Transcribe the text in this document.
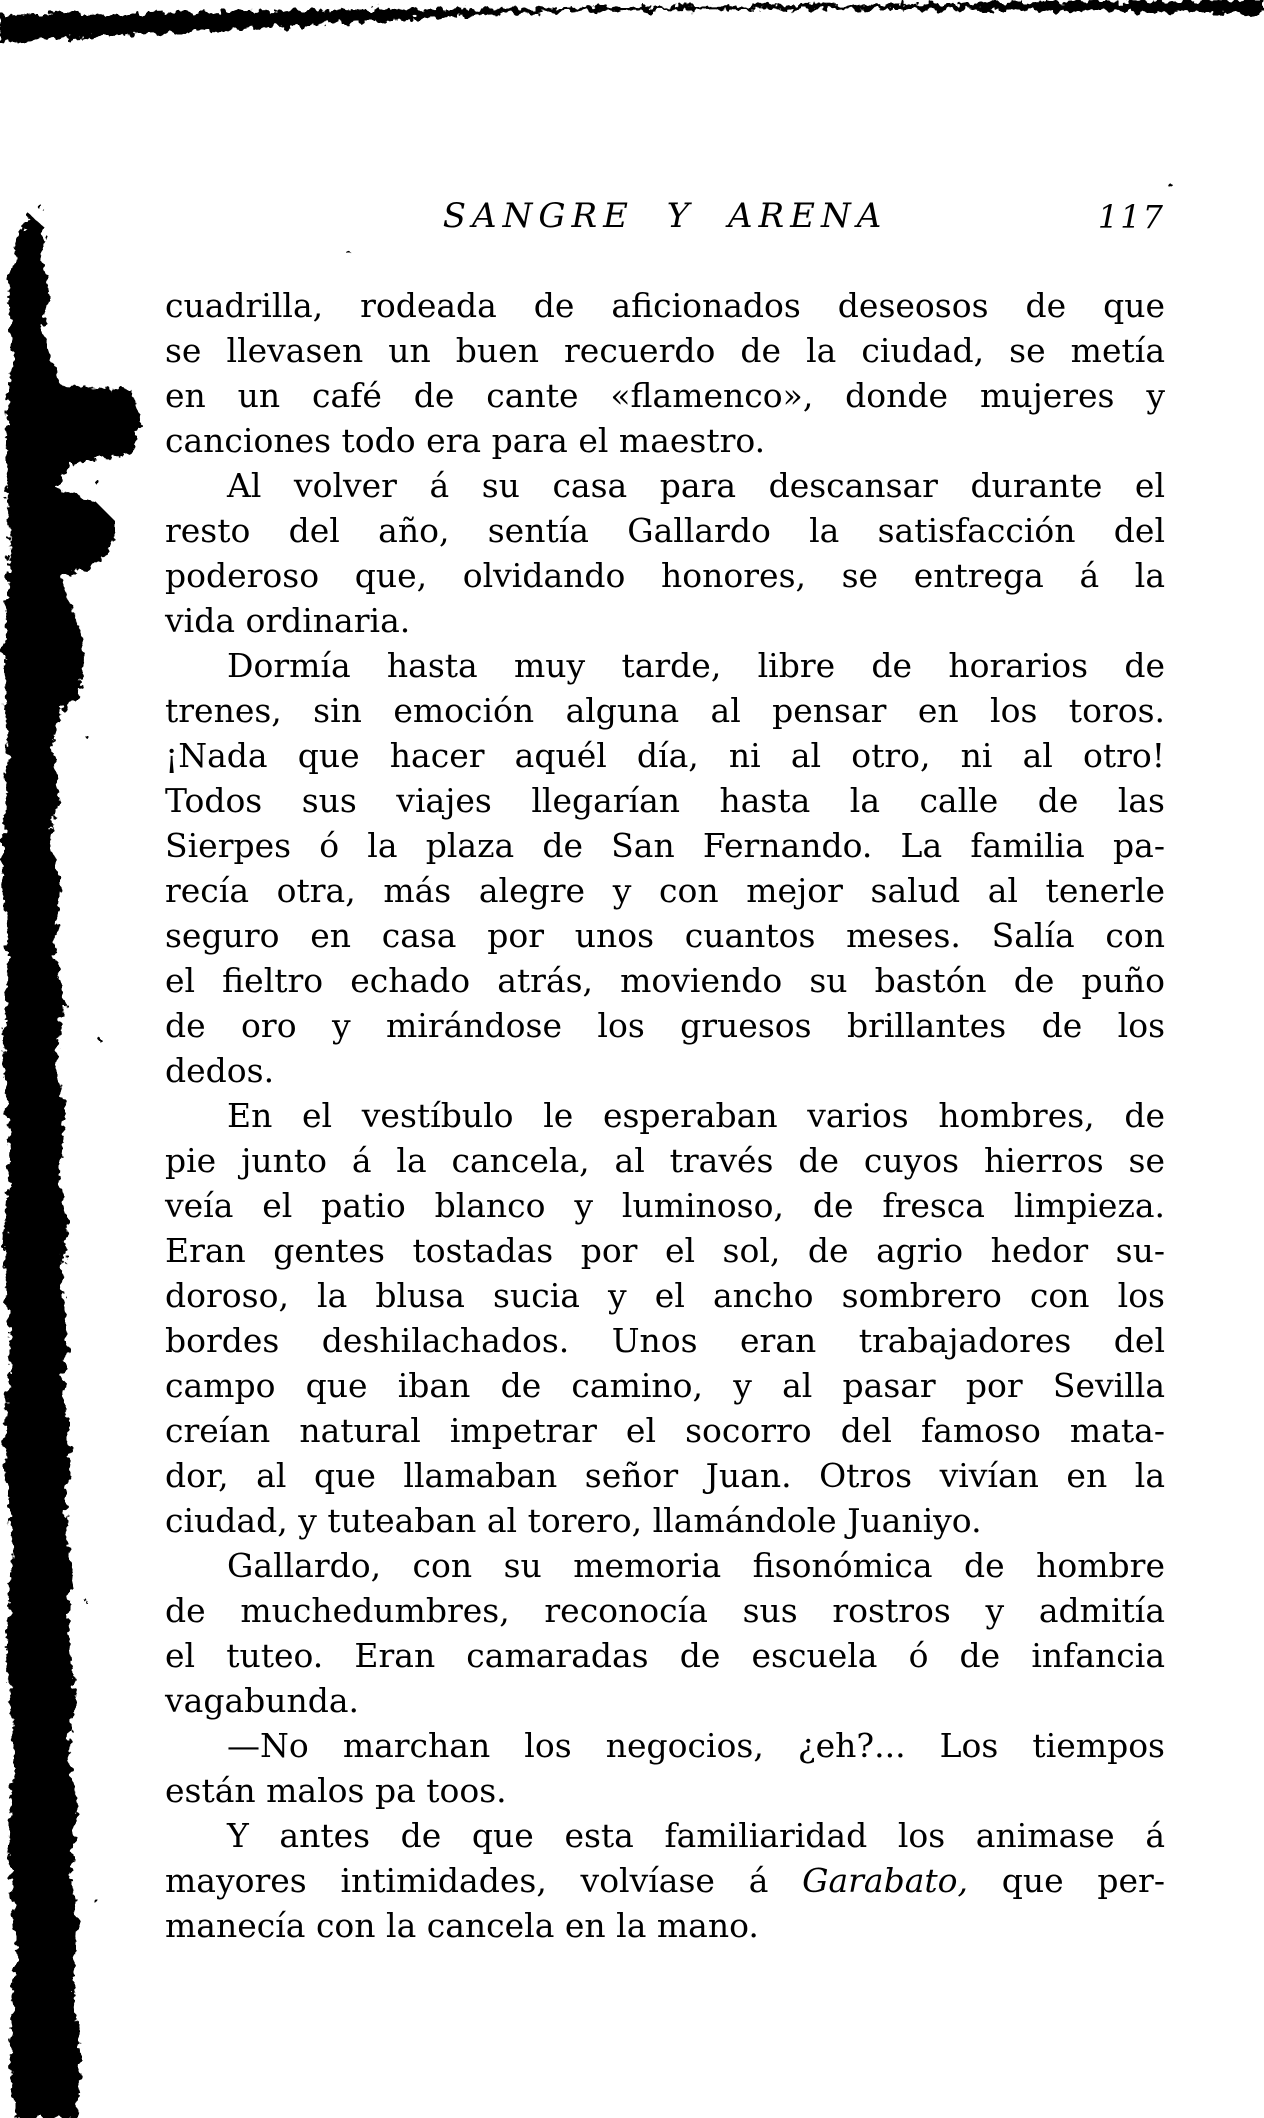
SANGRE Y ARENA	117
cuadrilla, rodeada de aficionados deseosos de que
se llevasen un buen recuerdo de la ciudad, se metía
en un café de cante «flamenco», donde mujeres y
canciones todo era para el maestro.
Al volver á su casa para descansar durante el
resto del año, sentía Gallardo la satisfacción del
poderoso que, olvidando honores, se entrega á la
vida ordinaria.
Dormía hasta muy tarde, libre de horarios de
trenes, sin emoción alguna al pensar en los toros.
¡Nada que hacer aquél día, ni al otro, ni al otro!
Todos sus viajes llegarían hasta la calle de las
Sierpes ó la plaza de San Fernando. La familia pa-
recía otra, más alegre y con mejor salud al tenerle
seguro en casa por unos cuantos meses. Salía con
el fieltro echado atrás, moviendo su bastón de puño
de oro y mirándose los gruesos brillantes de los
dedos.
En el vestíbulo le esperaban varios hombres, de
pie junto á la cancela, al través de cuyos hierros se
veía el patio blanco y luminoso, de fresca limpieza.
Eran gentes tostadas por el sol, de agrio hedor su-
doroso, la blusa sucia y el ancho sombrero con los
bordes deshilachados. Unos eran trabajadores del
campo que iban de camino, y al pasar por Sevilla
creían natural impetrar el socorro del famoso mata-
dor, al que llamaban señor Juan. Otros vivían en la
ciudad, y tuteaban al torero, llamándole Juaniyo.
Gallardo, con su memoria fisonómica de hombre
de muchedumbres, reconocía sus rostros y admitía
el tuteo. Eran camaradas de escuela ó de infancia
vagabunda.
—No marchan los negocios, ¿eh?... Los tiempos
están malos pa toos.
Y antes de que esta familiaridad los animase á
mayores intimidades, volvíase á Garabato, que per-
manecía con la cancela en la mano.
